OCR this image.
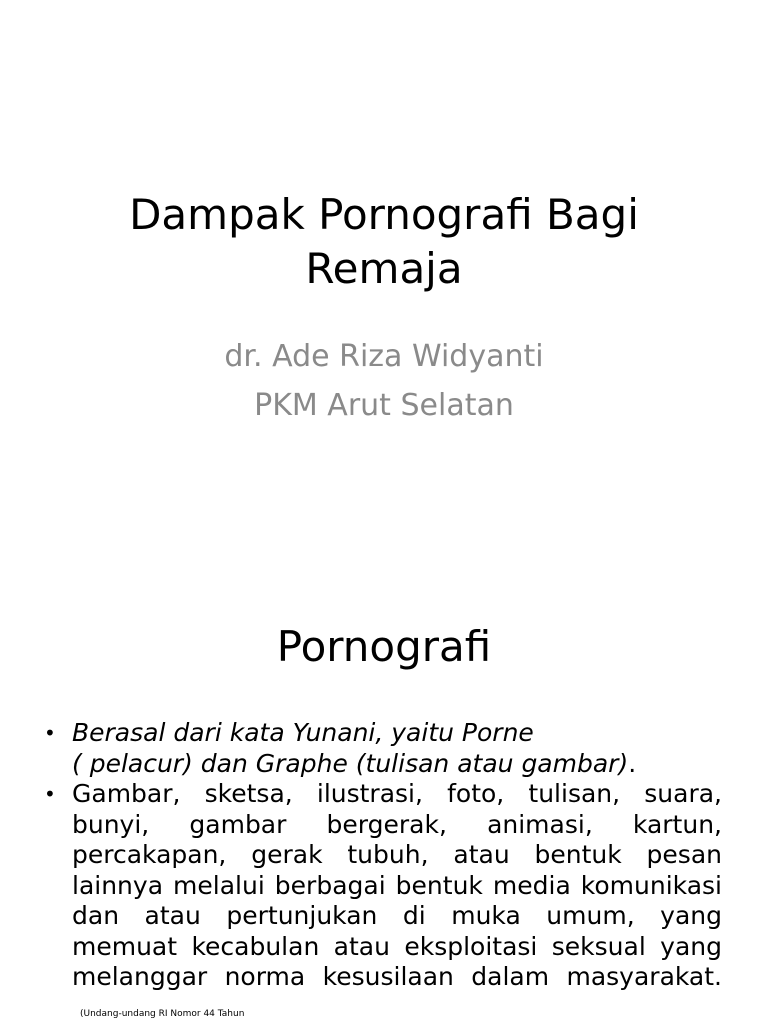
Dampak Pornografi Bagi
Remaja
dr. Ade Riza Widyanti
PKM Arut Selatan
Pornografi
• Berasal dari kata Yunani, yaitu Porne
( pelacur) dan Graphe (tulisan atau gambar).
• Gambar, sketsa, ilustrasi, foto, tulisan, suara, bunyi, gambar bergerak, animasi, kartun, percakapan, gerak tubuh, atau bentuk pesan lainnya melalui berbagai bentuk media komunikasi dan atau pertunjukan di muka umum, yang memuat kecabulan atau eksploitasi seksual yang melanggar norma kesusilaan dalam masyarakat.(Undang-undang RI Nomor 44 Tahun
